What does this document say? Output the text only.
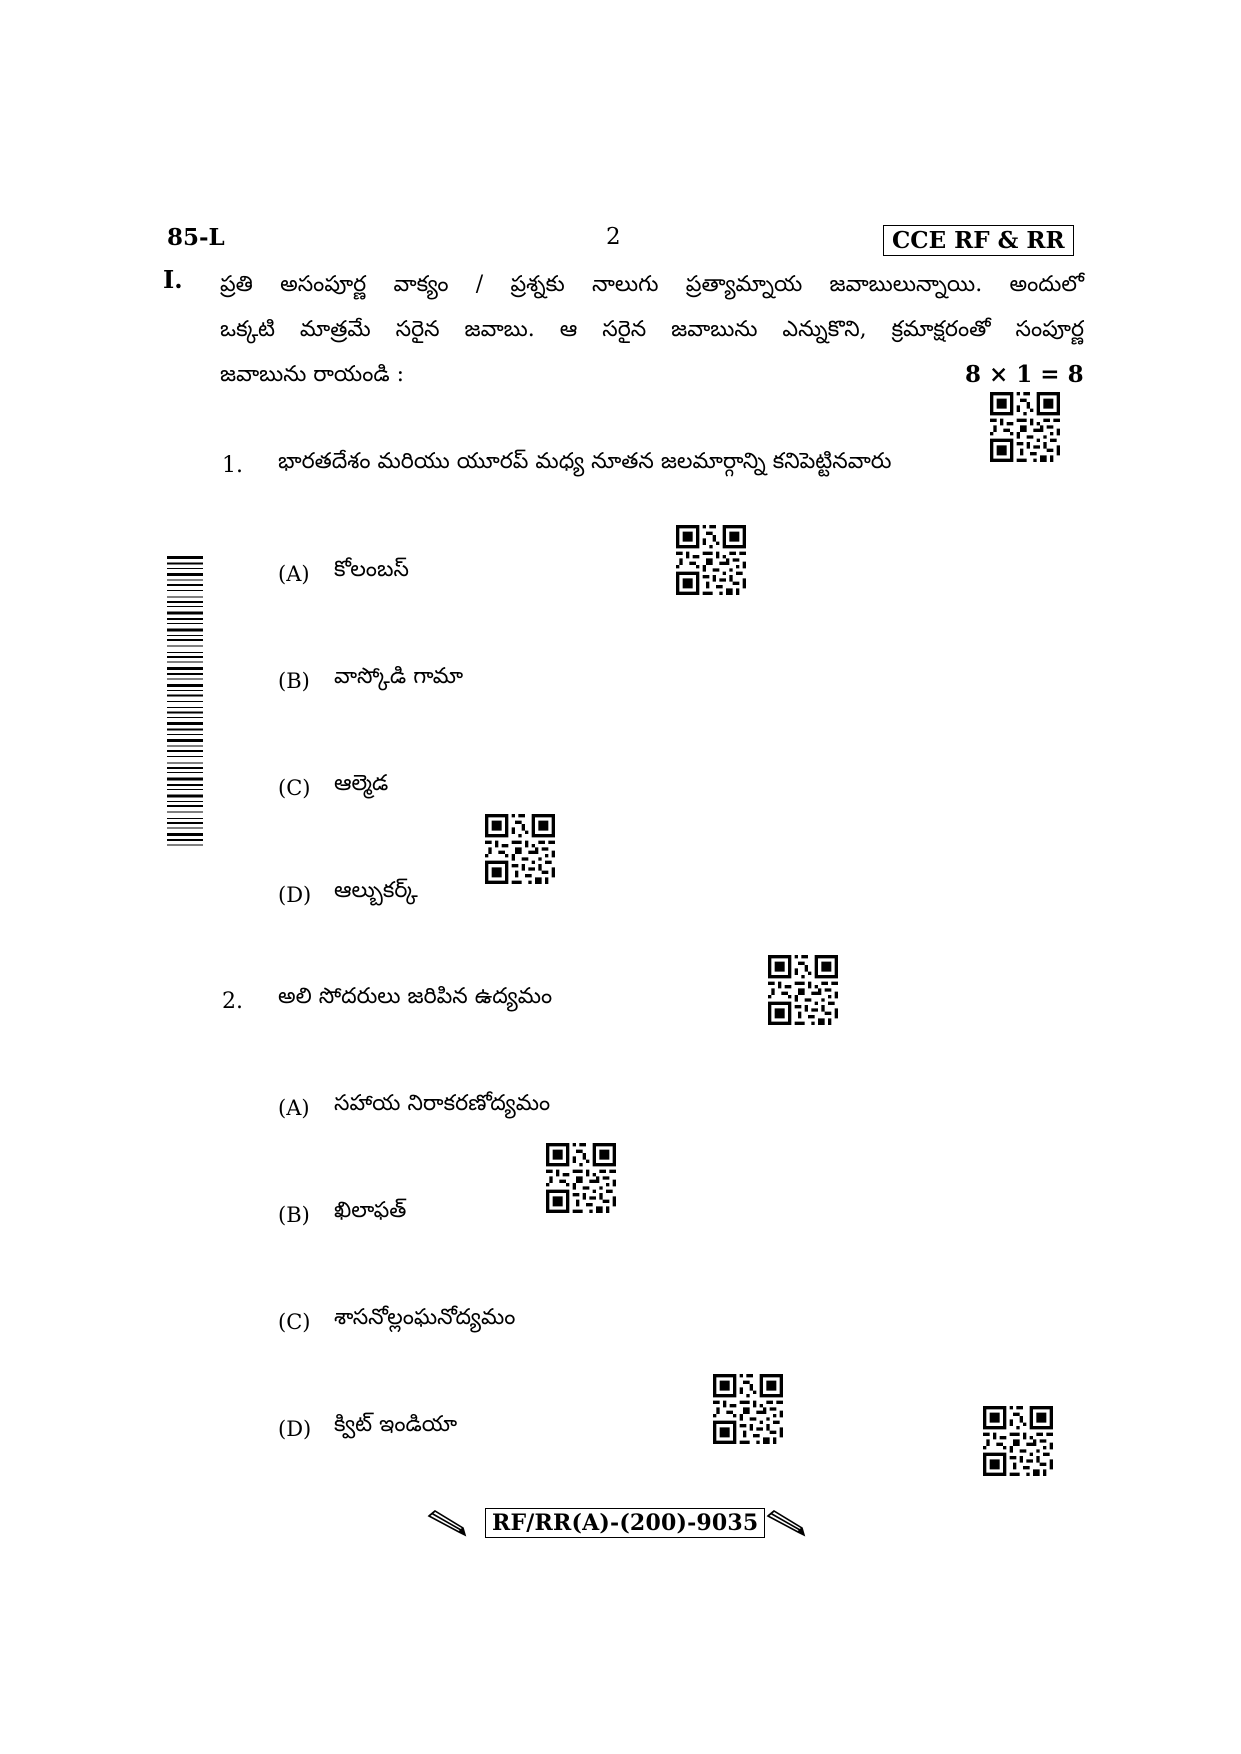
85-L	2	CCE RF & RR
I. ప్రతి అసంపూర్ణ వాక్యం / ప్రశ్నకు నాలుగు ప్రత్యామ్నాయ జవాబులున్నాయి. అందులో
ఒక్కటి మాత్రమే సరైన జవాబు. ఆ సరైన జవాబును ఎన్నుకొని, క్రమాక్షరంతో సంపూర్ణ
జవాబును రాయండి :	8 × 1 = 8
1. భారతదేశం మరియు యూరప్ మధ్య నూతన జలమార్గాన్ని కనిపెట్టినవారు
(A) కోలంబస్
(B) వాస్కోడి గామా
(C) ఆల్మెడ
(D) ఆల్బుకర్క్
2. అలి సోదరులు జరిపిన ఉద్యమం
(A) సహాయ నిరాకరణోద్యమం
(B) ఖిలాఫత్
(C) శాసనోల్లంఘనోద్యమం
(D) క్విట్ ఇండియా
RF/RR(A)-(200)-9035
